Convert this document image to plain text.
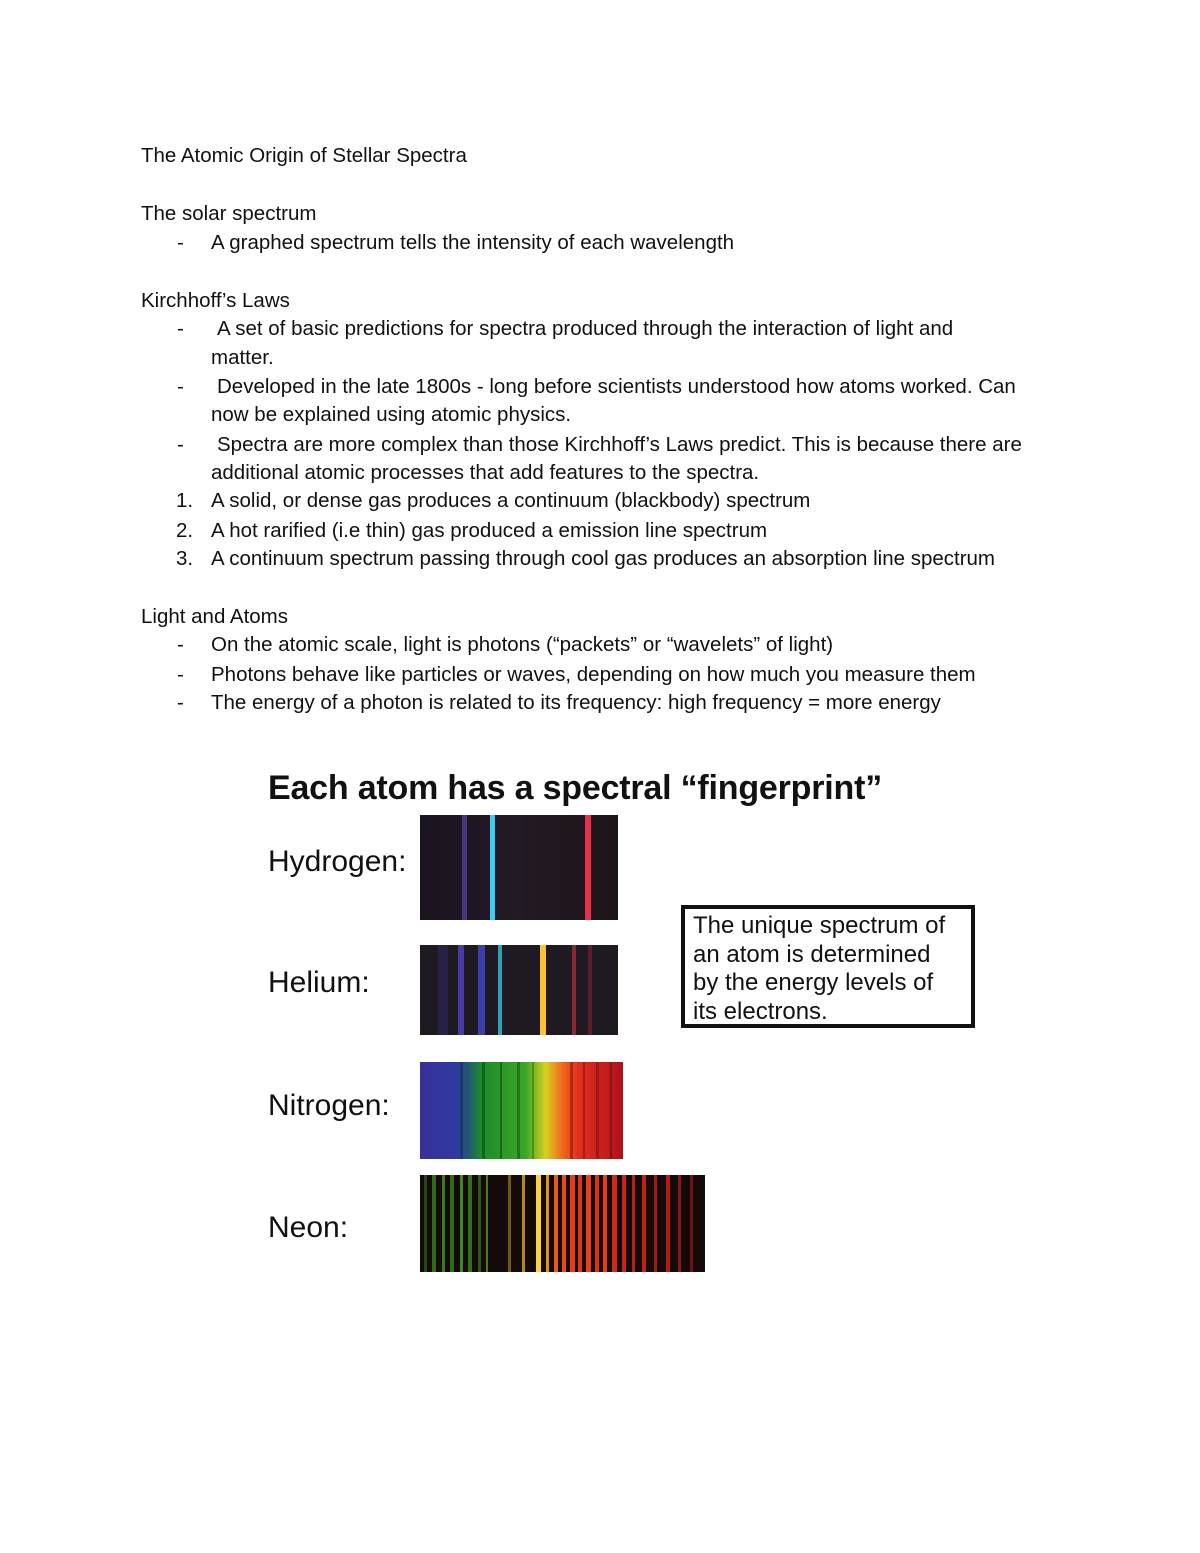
The Atomic Origin of Stellar Spectra
The solar spectrum
- A graphed spectrum tells the intensity of each wavelength
Kirchhoff’s Laws
- A set of basic predictions for spectra produced through the interaction of light and
matter.
- Developed in the late 1800s - long before scientists understood how atoms worked. Can
now be explained using atomic physics.
- Spectra are more complex than those Kirchhoff’s Laws predict. This is because there are
additional atomic processes that add features to the spectra.
1. A solid, or dense gas produces a continuum (blackbody) spectrum
2. A hot rarified (i.e thin) gas produced a emission line spectrum
3. A continuum spectrum passing through cool gas produces an absorption line spectrum
Light and Atoms
- On the atomic scale, light is photons (“packets” or “wavelets” of light)
- Photons behave like particles or waves, depending on how much you measure them
- The energy of a photon is related to its frequency: high frequency = more energy
Each atom has a spectral “fingerprint”
Hydrogen:
Helium:
The unique spectrum of
an atom is determined
by the energy levels of
its electrons.
Nitrogen:
Neon:
